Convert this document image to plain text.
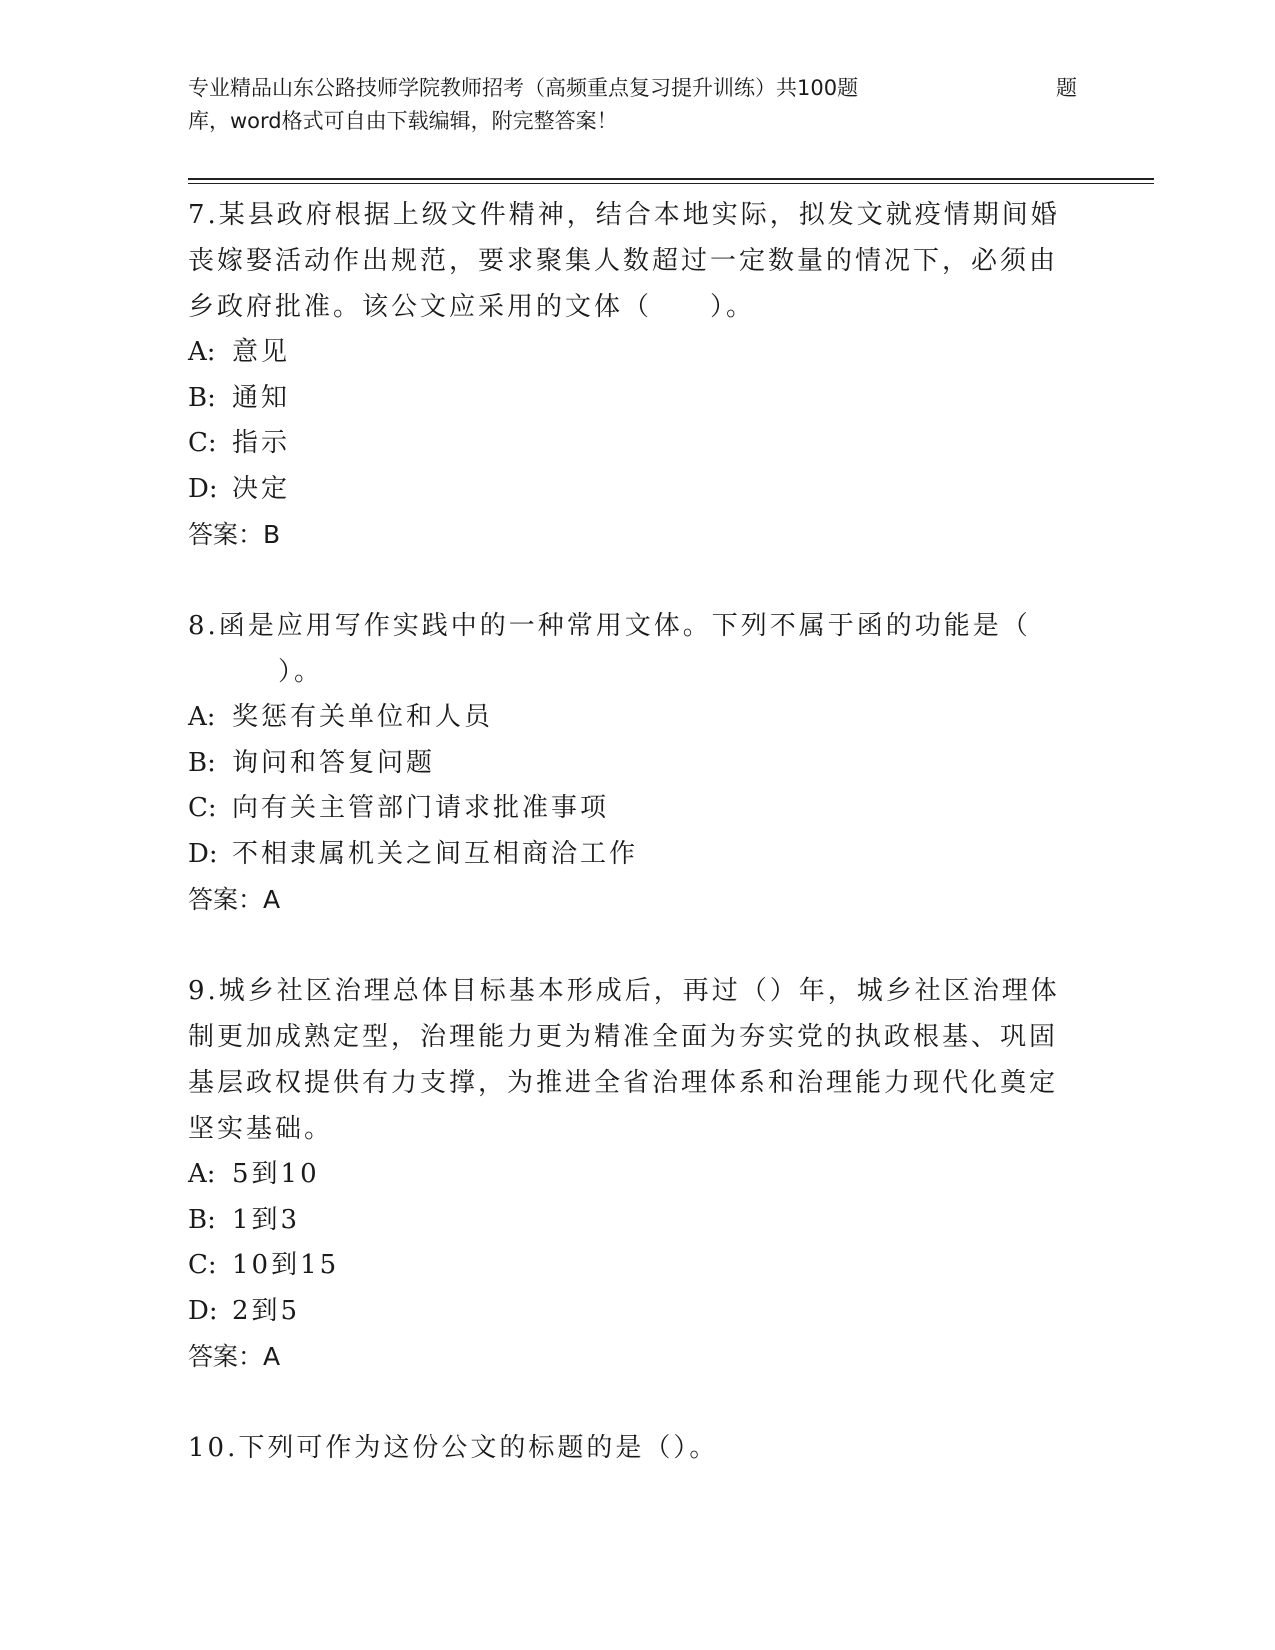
专业精品山东公路技师学院教师招考（高频重点复习提升训练）共100题	题
库，word格式可自由下载编辑，附完整答案！
7.某县政府根据上级文件精神，结合本地实际，拟发文就疫情期间婚
丧嫁娶活动作出规范，要求聚集人数超过一定数量的情况下，必须由
乡政府批准。该公文应采用的文体（　　）。
A: 意见
B: 通知
C: 指示
D: 决定
答案：B
8.函是应用写作实践中的一种常用文体。下列不属于函的功能是（
）。
A: 奖惩有关单位和人员
B: 询问和答复问题
C: 向有关主管部门请求批准事项
D: 不相隶属机关之间互相商洽工作
答案：A
9.城乡社区治理总体目标基本形成后，再过（）年，城乡社区治理体
制更加成熟定型，治理能力更为精准全面为夯实党的执政根基、巩固
基层政权提供有力支撑，为推进全省治理体系和治理能力现代化奠定
坚实基础。
A: 5到10
B: 1到3
C: 10到15
D: 2到5
答案：A
10.下列可作为这份公文的标题的是（）。
